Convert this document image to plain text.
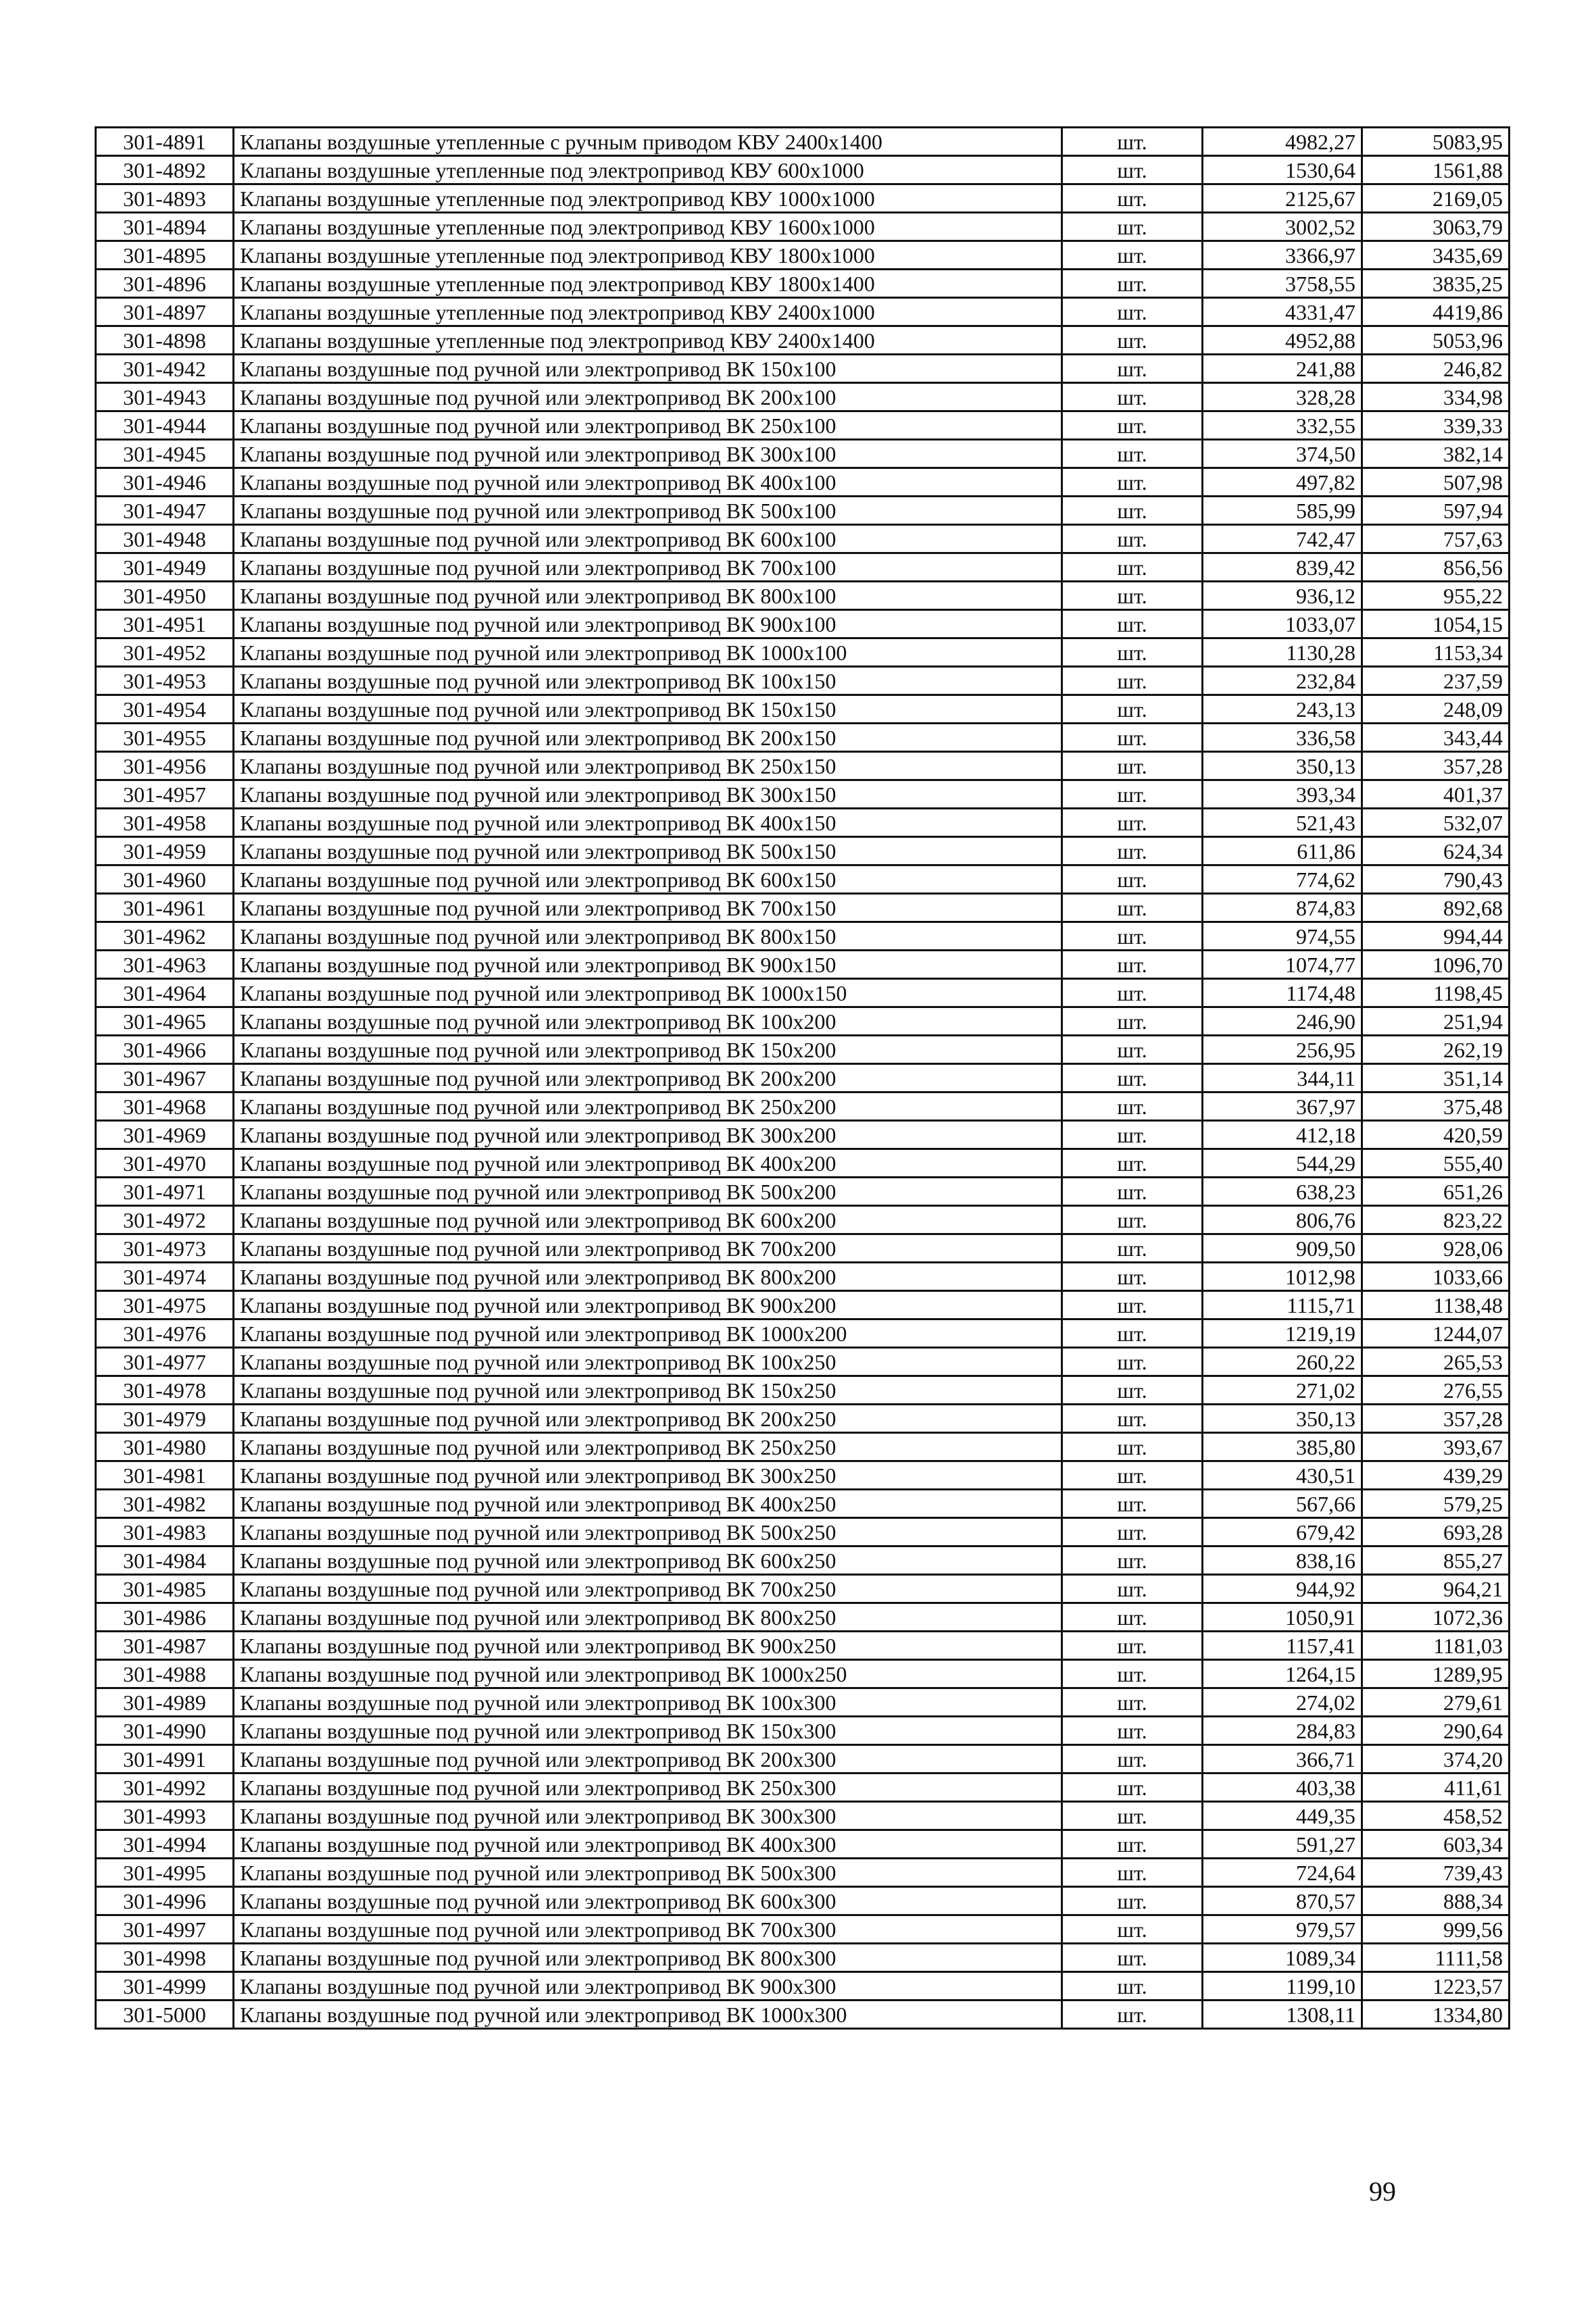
301-4891	Клапаны воздушные утепленные с ручным приводом КВУ 2400х1400	шт.	4982,27	5083,95
301-4892	Клапаны воздушные утепленные под электропривод КВУ 600х1000	шт.	1530,64	1561,88
301-4893	Клапаны воздушные утепленные под электропривод КВУ 1000х1000	шт.	2125,67	2169,05
301-4894	Клапаны воздушные утепленные под электропривод КВУ 1600х1000	шт.	3002,52	3063,79
301-4895	Клапаны воздушные утепленные под электропривод КВУ 1800х1000	шт.	3366,97	3435,69
301-4896	Клапаны воздушные утепленные под электропривод КВУ 1800х1400	шт.	3758,55	3835,25
301-4897	Клапаны воздушные утепленные под электропривод КВУ 2400х1000	шт.	4331,47	4419,86
301-4898	Клапаны воздушные утепленные под электропривод КВУ 2400х1400	шт.	4952,88	5053,96
301-4942	Клапаны воздушные под ручной или электропривод ВК 150х100	шт.	241,88	246,82
301-4943	Клапаны воздушные под ручной или электропривод ВК 200х100	шт.	328,28	334,98
301-4944	Клапаны воздушные под ручной или электропривод ВК 250х100	шт.	332,55	339,33
301-4945	Клапаны воздушные под ручной или электропривод ВК 300х100	шт.	374,50	382,14
301-4946	Клапаны воздушные под ручной или электропривод ВК 400х100	шт.	497,82	507,98
301-4947	Клапаны воздушные под ручной или электропривод ВК 500х100	шт.	585,99	597,94
301-4948	Клапаны воздушные под ручной или электропривод ВК 600х100	шт.	742,47	757,63
301-4949	Клапаны воздушные под ручной или электропривод ВК 700х100	шт.	839,42	856,56
301-4950	Клапаны воздушные под ручной или электропривод ВК 800х100	шт.	936,12	955,22
301-4951	Клапаны воздушные под ручной или электропривод ВК 900х100	шт.	1033,07	1054,15
301-4952	Клапаны воздушные под ручной или электропривод ВК 1000х100	шт.	1130,28	1153,34
301-4953	Клапаны воздушные под ручной или электропривод ВК 100х150	шт.	232,84	237,59
301-4954	Клапаны воздушные под ручной или электропривод ВК 150х150	шт.	243,13	248,09
301-4955	Клапаны воздушные под ручной или электропривод ВК 200х150	шт.	336,58	343,44
301-4956	Клапаны воздушные под ручной или электропривод ВК 250х150	шт.	350,13	357,28
301-4957	Клапаны воздушные под ручной или электропривод ВК 300х150	шт.	393,34	401,37
301-4958	Клапаны воздушные под ручной или электропривод ВК 400х150	шт.	521,43	532,07
301-4959	Клапаны воздушные под ручной или электропривод ВК 500х150	шт.	611,86	624,34
301-4960	Клапаны воздушные под ручной или электропривод ВК 600х150	шт.	774,62	790,43
301-4961	Клапаны воздушные под ручной или электропривод ВК 700х150	шт.	874,83	892,68
301-4962	Клапаны воздушные под ручной или электропривод ВК 800х150	шт.	974,55	994,44
301-4963	Клапаны воздушные под ручной или электропривод ВК 900х150	шт.	1074,77	1096,70
301-4964	Клапаны воздушные под ручной или электропривод ВК 1000х150	шт.	1174,48	1198,45
301-4965	Клапаны воздушные под ручной или электропривод ВК 100х200	шт.	246,90	251,94
301-4966	Клапаны воздушные под ручной или электропривод ВК 150х200	шт.	256,95	262,19
301-4967	Клапаны воздушные под ручной или электропривод ВК 200х200	шт.	344,11	351,14
301-4968	Клапаны воздушные под ручной или электропривод ВК 250х200	шт.	367,97	375,48
301-4969	Клапаны воздушные под ручной или электропривод ВК 300х200	шт.	412,18	420,59
301-4970	Клапаны воздушные под ручной или электропривод ВК 400х200	шт.	544,29	555,40
301-4971	Клапаны воздушные под ручной или электропривод ВК 500х200	шт.	638,23	651,26
301-4972	Клапаны воздушные под ручной или электропривод ВК 600х200	шт.	806,76	823,22
301-4973	Клапаны воздушные под ручной или электропривод ВК 700х200	шт.	909,50	928,06
301-4974	Клапаны воздушные под ручной или электропривод ВК 800х200	шт.	1012,98	1033,66
301-4975	Клапаны воздушные под ручной или электропривод ВК 900х200	шт.	1115,71	1138,48
301-4976	Клапаны воздушные под ручной или электропривод ВК 1000х200	шт.	1219,19	1244,07
301-4977	Клапаны воздушные под ручной или электропривод ВК 100х250	шт.	260,22	265,53
301-4978	Клапаны воздушные под ручной или электропривод ВК 150х250	шт.	271,02	276,55
301-4979	Клапаны воздушные под ручной или электропривод ВК 200х250	шт.	350,13	357,28
301-4980	Клапаны воздушные под ручной или электропривод ВК 250х250	шт.	385,80	393,67
301-4981	Клапаны воздушные под ручной или электропривод ВК 300х250	шт.	430,51	439,29
301-4982	Клапаны воздушные под ручной или электропривод ВК 400х250	шт.	567,66	579,25
301-4983	Клапаны воздушные под ручной или электропривод ВК 500х250	шт.	679,42	693,28
301-4984	Клапаны воздушные под ручной или электропривод ВК 600х250	шт.	838,16	855,27
301-4985	Клапаны воздушные под ручной или электропривод ВК 700х250	шт.	944,92	964,21
301-4986	Клапаны воздушные под ручной или электропривод ВК 800х250	шт.	1050,91	1072,36
301-4987	Клапаны воздушные под ручной или электропривод ВК 900х250	шт.	1157,41	1181,03
301-4988	Клапаны воздушные под ручной или электропривод ВК 1000х250	шт.	1264,15	1289,95
301-4989	Клапаны воздушные под ручной или электропривод ВК 100х300	шт.	274,02	279,61
301-4990	Клапаны воздушные под ручной или электропривод ВК 150х300	шт.	284,83	290,64
301-4991	Клапаны воздушные под ручной или электропривод ВК 200х300	шт.	366,71	374,20
301-4992	Клапаны воздушные под ручной или электропривод ВК 250х300	шт.	403,38	411,61
301-4993	Клапаны воздушные под ручной или электропривод ВК 300х300	шт.	449,35	458,52
301-4994	Клапаны воздушные под ручной или электропривод ВК 400х300	шт.	591,27	603,34
301-4995	Клапаны воздушные под ручной или электропривод ВК 500х300	шт.	724,64	739,43
301-4996	Клапаны воздушные под ручной или электропривод ВК 600х300	шт.	870,57	888,34
301-4997	Клапаны воздушные под ручной или электропривод ВК 700х300	шт.	979,57	999,56
301-4998	Клапаны воздушные под ручной или электропривод ВК 800х300	шт.	1089,34	1111,58
301-4999	Клапаны воздушные под ручной или электропривод ВК 900х300	шт.	1199,10	1223,57
301-5000	Клапаны воздушные под ручной или электропривод ВК 1000х300	шт.	1308,11	1334,80
99
